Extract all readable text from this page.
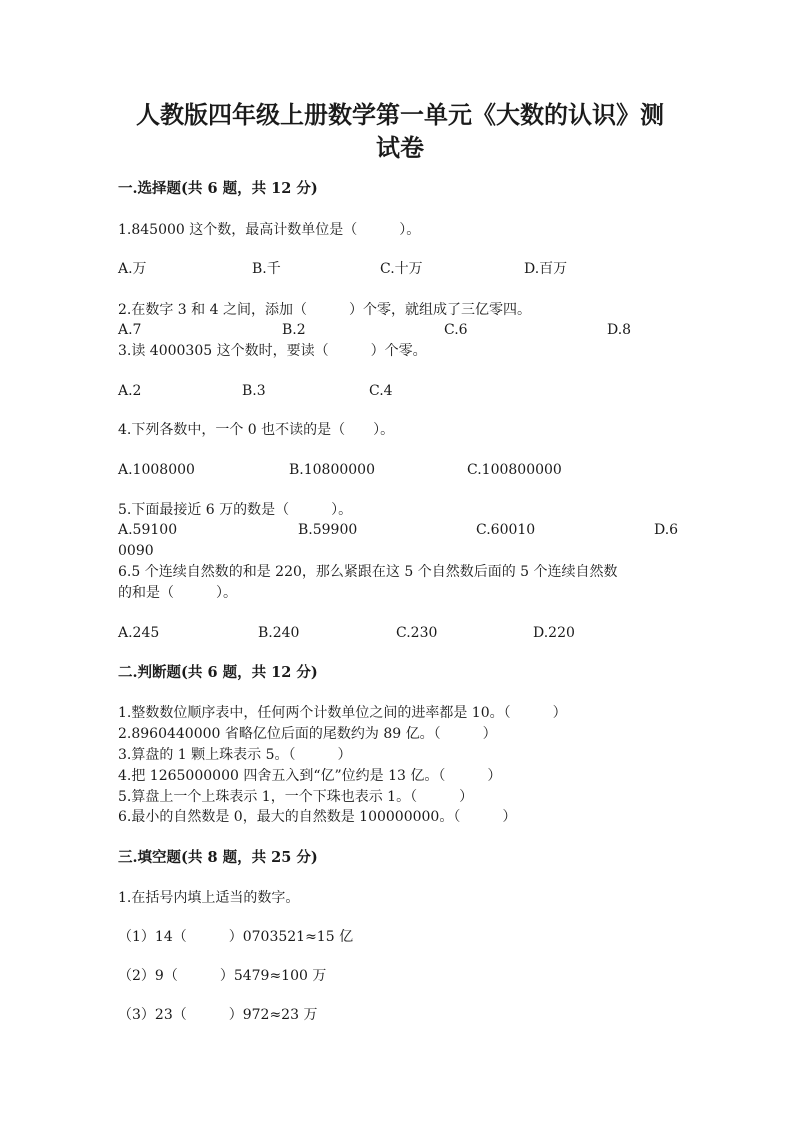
人教版四年级上册数学第一单元《大数的认识》测
试卷
一.选择题(共 6 题，共 12 分)
1.845000 这个数，最高计数单位是（　　　）。
A.万	B.千	C.十万	D.百万
2.在数字 3 和 4 之间，添加（　　　）个零，就组成了三亿零四。
A.7	B.2	C.6	D.8
3.读 4000305 这个数时，要读（　　　）个零。
A.2	B.3	C.4
4.下列各数中，一个 0 也不读的是（　　）。
A.1008000	B.10800000	C.100800000
5.下面最接近 6 万的数是（　　　）。
A.59100	B.59900	C.60010	D.6
0090
6.5 个连续自然数的和是 220，那么紧跟在这 5 个自然数后面的 5 个连续自然数
的和是（　　　）。
A.245	B.240	C.230	D.220
二.判断题(共 6 题，共 12 分)
1.整数数位顺序表中，任何两个计数单位之间的进率都是 10。（　　　）
2.8960440000 省略亿位后面的尾数约为 89 亿。（　　　）
3.算盘的 1 颗上珠表示 5。（　　　）
4.把 1265000000 四舍五入到“亿”位约是 13 亿。（　　　）
5.算盘上一个上珠表示 1，一个下珠也表示 1。（　　　）
6.最小的自然数是 0，最大的自然数是 100000000。（　　　）
三.填空题(共 8 题，共 25 分)
1.在括号内填上适当的数字。
（1）14（　　　）0703521≈15 亿
（2）9（　　　）5479≈100 万
（3）23（　　　）972≈23 万
